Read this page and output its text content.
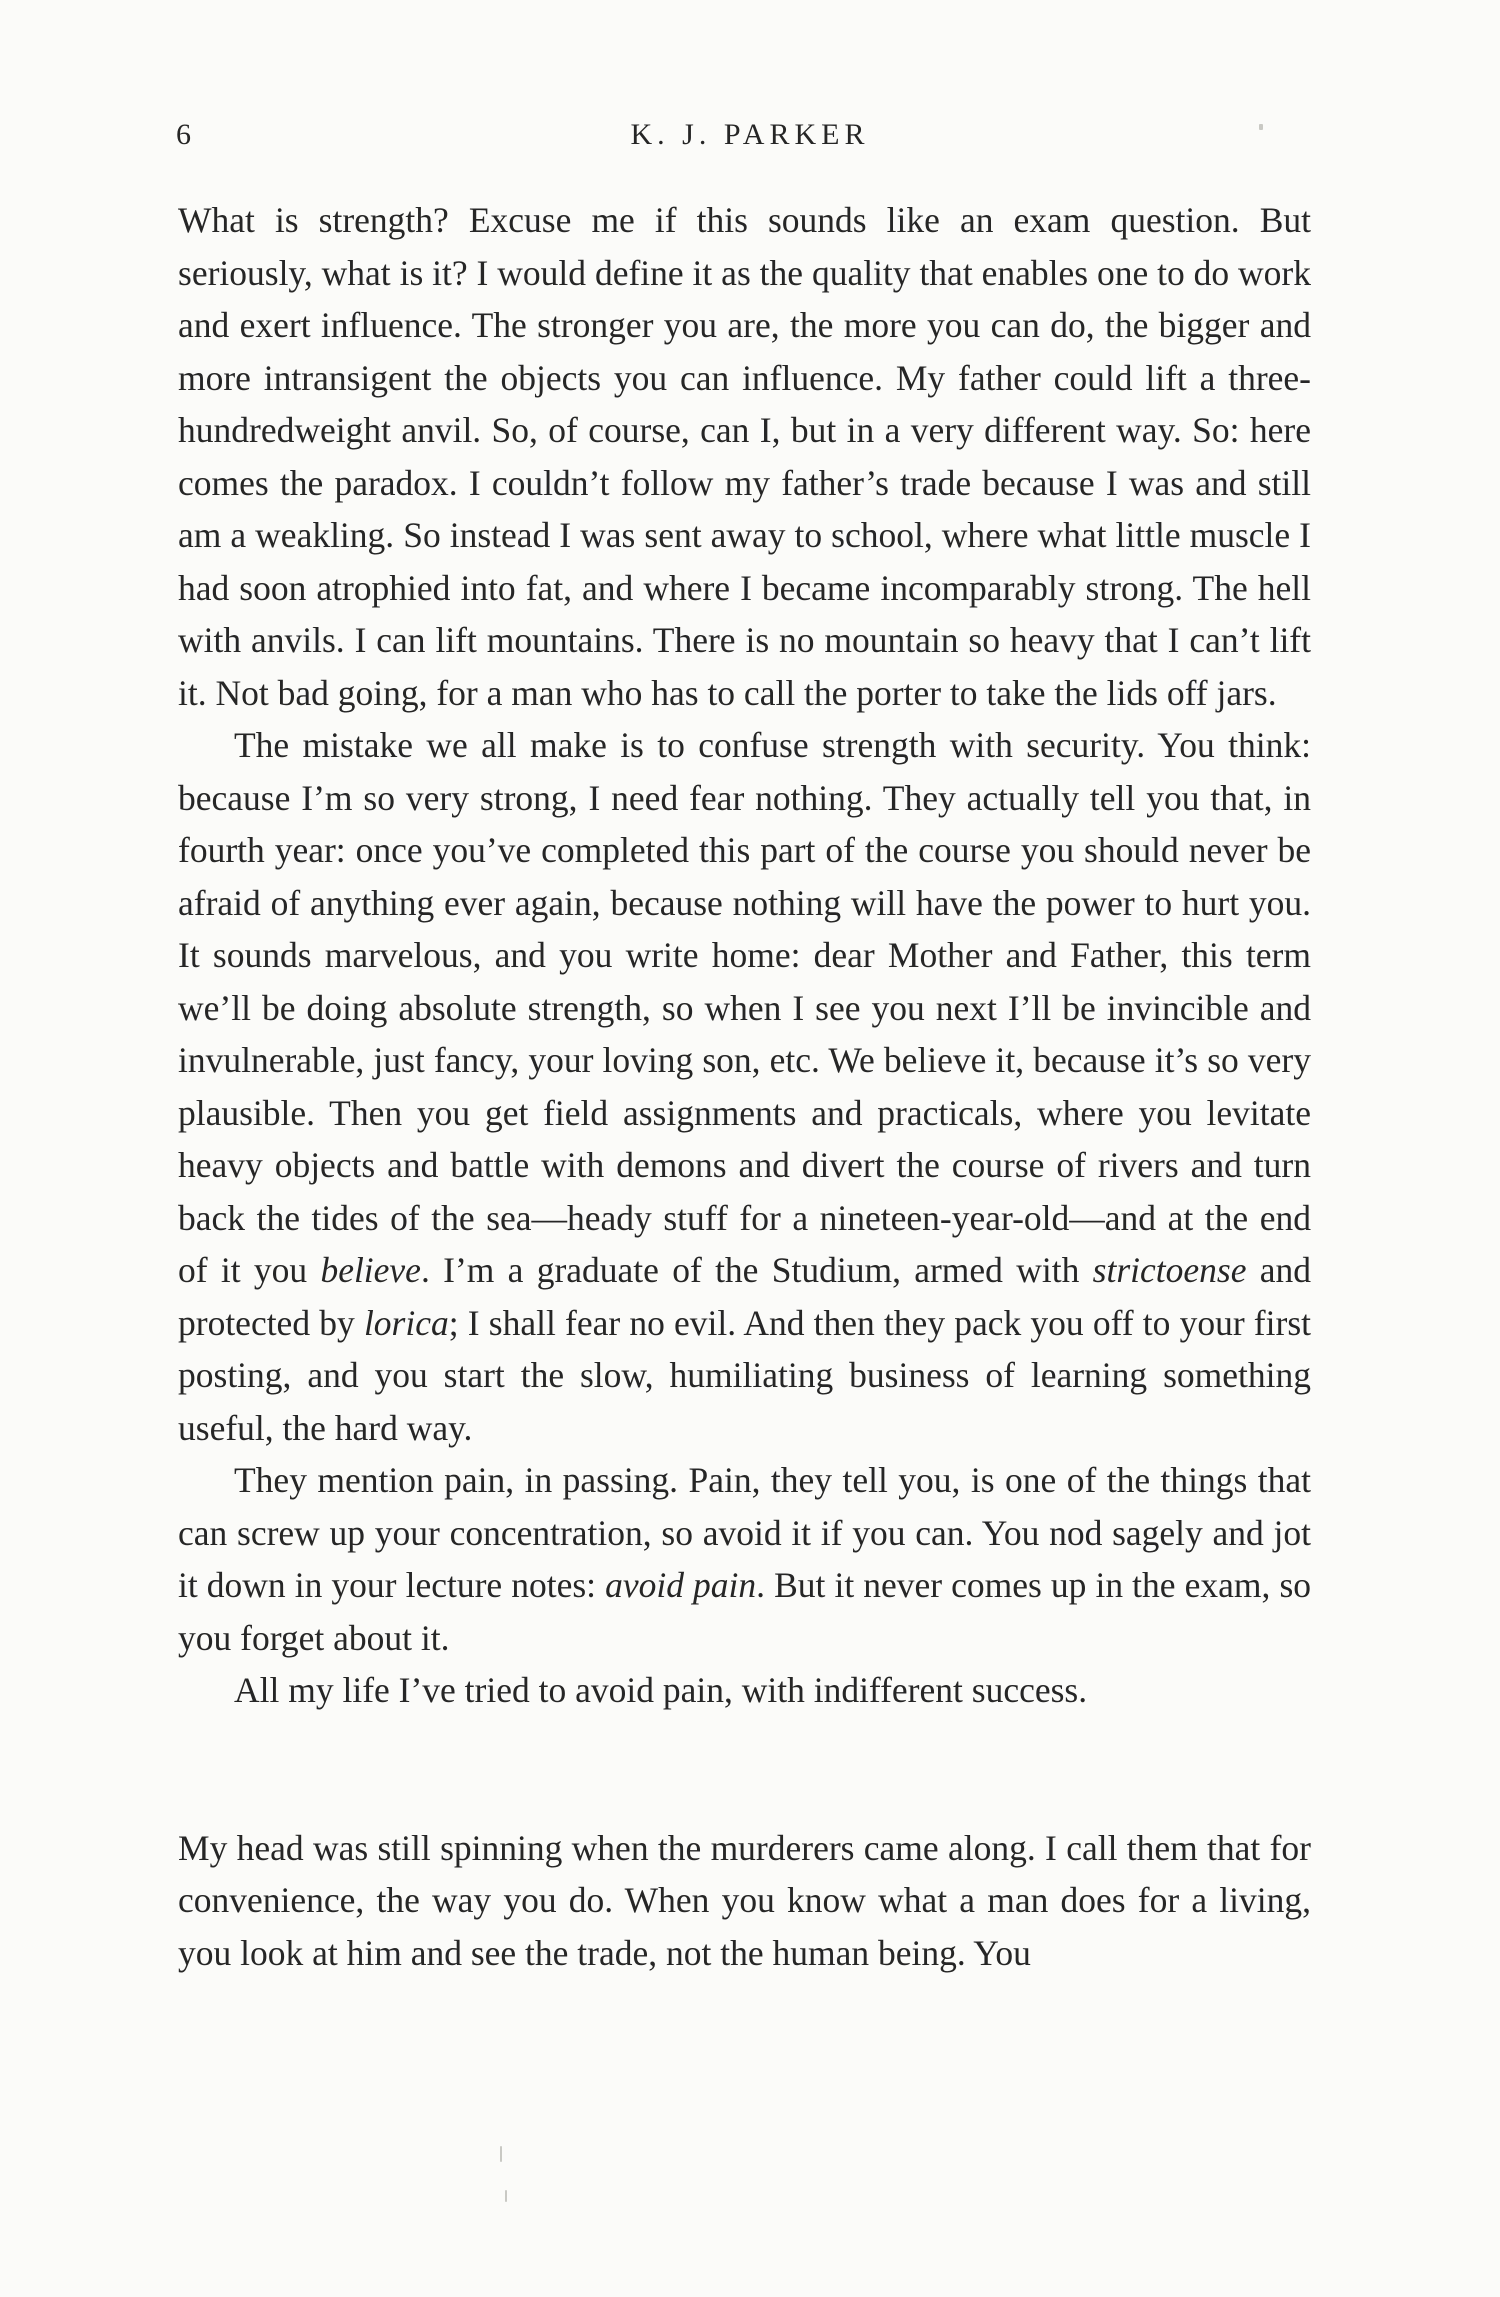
6	K. J. PARKER

What is strength? Excuse me if this sounds like an exam question. But seriously, what is it? I would define it as the quality that enables one to do work and exert influence. The stronger you are, the more you can do, the bigger and more intransigent the objects you can influence. My father could lift a three-hundredweight anvil. So, of course, can I, but in a very different way. So: here comes the paradox. I couldn’t follow my father’s trade because I was and still am a weakling. So instead I was sent away to school, where what little muscle I had soon atrophied into fat, and where I became incomparably strong. The hell with anvils. I can lift mountains. There is no mountain so heavy that I can’t lift it. Not bad going, for a man who has to call the porter to take the lids off jars.

The mistake we all make is to confuse strength with security. You think: because I’m so very strong, I need fear nothing. They actually tell you that, in fourth year: once you’ve completed this part of the course you should never be afraid of anything ever again, because nothing will have the power to hurt you. It sounds marvelous, and you write home: dear Mother and Father, this term we’ll be doing absolute strength, so when I see you next I’ll be invincible and invulnerable, just fancy, your loving son, etc. We believe it, because it’s so very plausible. Then you get field assignments and practicals, where you levitate heavy objects and battle with demons and divert the course of rivers and turn back the tides of the sea—heady stuff for a nineteen-year-old—and at the end of it you believe. I’m a graduate of the Studium, armed with strictoense and protected by lorica; I shall fear no evil. And then they pack you off to your first posting, and you start the slow, humiliating business of learning something useful, the hard way.

They mention pain, in passing. Pain, they tell you, is one of the things that can screw up your concentration, so avoid it if you can. You nod sagely and jot it down in your lecture notes: avoid pain. But it never comes up in the exam, so you forget about it.

All my life I’ve tried to avoid pain, with indifferent success.

My head was still spinning when the murderers came along. I call them that for convenience, the way you do. When you know what a man does for a living, you look at him and see the trade, not the human being. You
